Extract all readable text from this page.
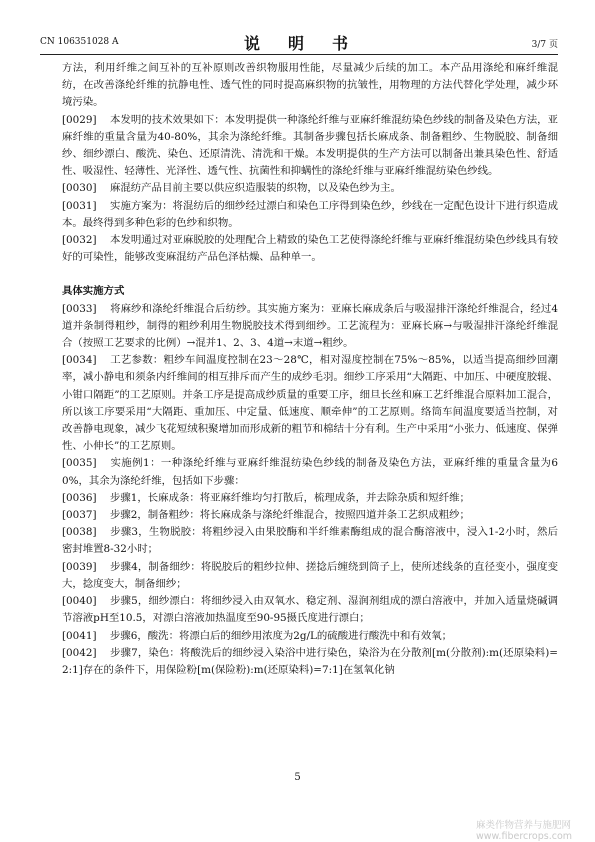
CN 106351028 A	说　明　书	3/7 页

方法，利用纤维之间互补的互补原则改善织物服用性能，尽量减少后续的加工。本产品用涤纶和麻纤维混纺，在改善涤纶纤维的抗静电性、透气性的同时提高麻织物的抗皱性，用物理的方法代替化学处理，减少环境污染。

[0029] 本发明的技术效果如下：本发明提供一种涤纶纤维与亚麻纤维混纺染色纱线的制备及染色方法，亚麻纤维的重量含量为40-80%，其余为涤纶纤维。其制备步骤包括长麻成条、制备粗纱、生物脱胶、制备细纱、细纱漂白、酸洗、染色、还原清洗、清洗和干燥。本发明提供的生产方法可以制备出兼具染色性、舒适性、吸湿性、轻薄性、光泽性、透气性、抗菌性和抑螨性的涤纶纤维与亚麻纤维混纺染色纱线。

[0030] 麻混纺产品目前主要以供应织造服装的织物，以及染色纱为主。

[0031] 实施方案为：将混纺后的细纱经过漂白和染色工序得到染色纱，纱线在一定配色设计下进行织造成本。最终得到多种色彩的色纱和织物。

[0032] 本发明通过对亚麻脱胶的处理配合上精致的染色工艺使得涤纶纤维与亚麻纤维混纺染色纱线具有较好的可染性，能够改变麻混纺产品色泽枯燥、品种单一。

具体实施方式

[0033] 将麻纱和涤纶纤维混合后纺纱。其实施方案为：亚麻长麻成条后与吸湿排汗涤纶纤维混合，经过4道并条制得粗纱，制得的粗纱利用生物脱胶技术得到细纱。工艺流程为：亚麻长麻→与吸湿排汗涤纶纤维混合（按照工艺要求的比例）→混并1、2、3、4道→末道→粗纱。

[0034] 工艺参数：粗纱车间温度控制在23～28℃，相对湿度控制在75%～85%，以适当提高细纱回潮率，减小静电和须条内纤维间的相互排斥而产生的成纱毛羽。细纱工序采用“大隔距、中加压、中硬度胶辊、小钳口隔距”的工艺原则。并条工序是提高成纱质量的重要工序，细旦长丝和麻工艺纤维混合原料加工混合，所以该工序要采用“大隔距、重加压、中定量、低速度、顺牵伸”的工艺原则。络筒车间温度要适当控制，对改善静电现象，减少飞花短绒积聚增加而形成新的粗节和棉结十分有利。生产中采用“小张力、低速度、保弹性、小伸长”的工艺原则。

[0035] 实施例1：一种涤纶纤维与亚麻纤维混纺染色纱线的制备及染色方法，亚麻纤维的重量含量为60%，其余为涤纶纤维，包括如下步骤：

[0036] 步骤1，长麻成条：将亚麻纤维均匀打散后，梳理成条，并去除杂质和短纤维；

[0037] 步骤2，制备粗纱：将长麻成条与涤纶纤维混合，按照四道并条工艺织成粗纱；

[0038] 步骤3，生物脱胶：将粗纱浸入由果胶酶和半纤维素酶组成的混合酶溶液中，浸入1-2小时，然后密封堆置8-32小时；

[0039] 步骤4，制备细纱：将脱胶后的粗纱拉伸、搓捻后缠绕到筒子上，使所述线条的直径变小，强度变大，捻度变大，制备细纱；

[0040] 步骤5，细纱漂白：将细纱浸入由双氧水、稳定剂、湿润剂组成的漂白溶液中，并加入适量烧碱调节溶液pH至10.5，对漂白溶液加热温度至90-95摄氏度进行漂白；

[0041] 步骤6，酸洗：将漂白后的细纱用浓度为2g/L的硫酸进行酸洗中和有效氧；

[0042] 步骤7，染色：将酸洗后的细纱浸入染浴中进行染色，染浴为在分散剂[m(分散剂):m(还原染料)=2:1]存在的条件下，用保险粉[m(保险粉):m(还原染料)=7:1]在氢氧化钠

5
麻类作物营养与施肥网
www.fibercrops.com
